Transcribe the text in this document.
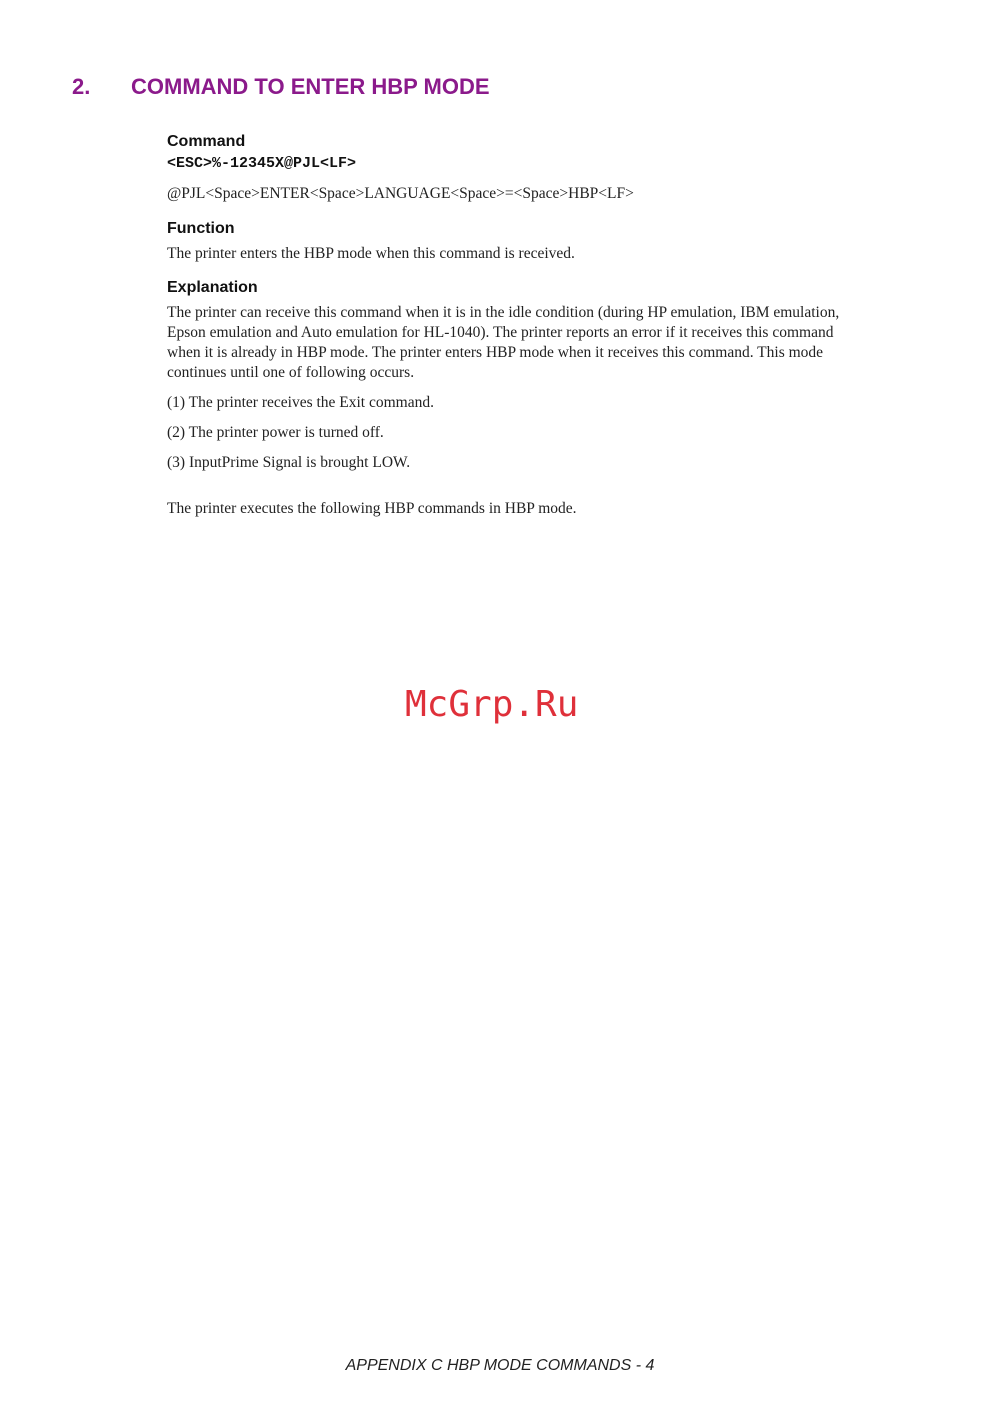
2. COMMAND TO ENTER HBP MODE
Command
<ESC>%-12345X@PJL<LF>

@PJL<Space>ENTER<Space>LANGUAGE<Space>=<Space>HBP<LF>

Function

The printer enters the HBP mode when this command is received.

Explanation

The printer can receive this command when it is in the idle condition (during HP emulation, IBM emulation,

Epson emulation and Auto emulation for HL-1040). The printer reports an error if it receives this command

when it is already in HBP mode. The printer enters HBP mode when it receives this command. This mode

continues until one of following occurs.

(1) The printer receives the Exit command.

(2) The printer power is turned off.

(3) InputPrime Signal is brought LOW.

The printer executes the following HBP commands in HBP mode.

McGrp.Ru
APPENDIX C HBP MODE COMMANDS - 4
